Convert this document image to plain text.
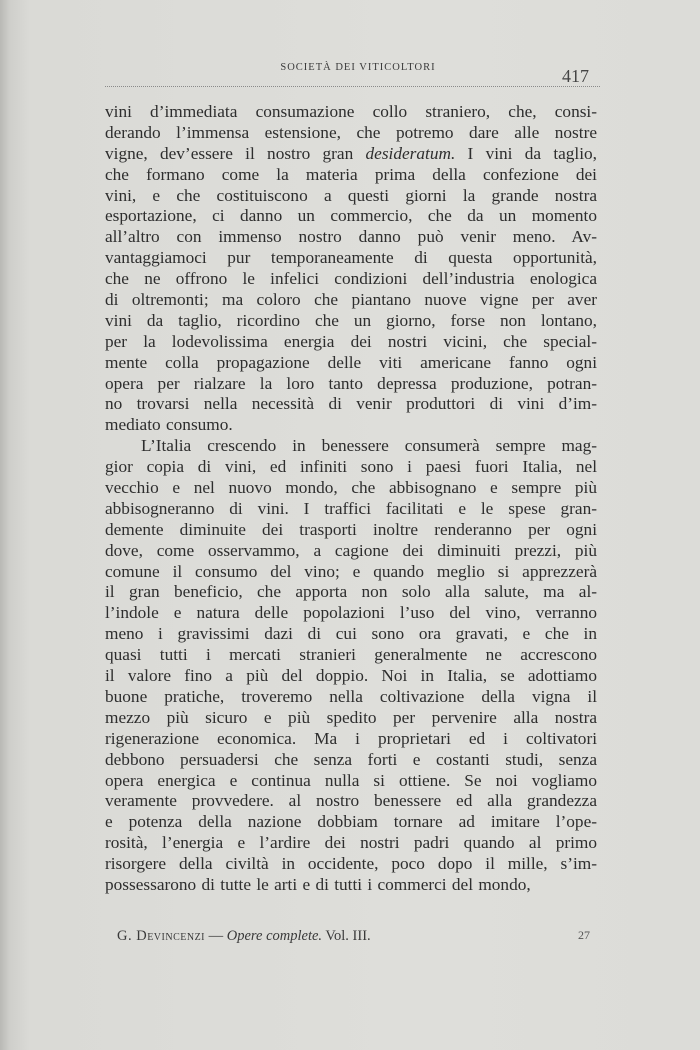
SOCIETÀ DEI VITICOLTORI	417
vini d’immediata consumazione collo straniero, che, consi-
derando l’immensa estensione, che potremo dare alle nostre
vigne, dev’essere il nostro gran desideratum. I vini da taglio,
che formano come la materia prima della confezione dei
vini, e che costituiscono a questi giorni la grande nostra
esportazione, ci danno un commercio, che da un momento
all’altro con immenso nostro danno può venir meno. Av-
vantaggiamoci pur temporaneamente di questa opportunità,
che ne offrono le infelici condizioni dell’industria enologica
di oltremonti; ma coloro che piantano nuove vigne per aver
vini da taglio, ricordino che un giorno, forse non lontano,
per la lodevolissima energia dei nostri vicini, che special-
mente colla propagazione delle viti americane fanno ogni
opera per rialzare la loro tanto depressa produzione, potran-
no trovarsi nella necessità di venir produttori di vini d’im-
mediato consumo.
L’Italia crescendo in benessere consumerà sempre mag-
gior copia di vini, ed infiniti sono i paesi fuori Italia, nel
vecchio e nel nuovo mondo, che abbisognano e sempre più
abbisogneranno di vini. I traffici facilitati e le spese gran-
demente diminuite dei trasporti inoltre renderanno per ogni
dove, come osservammo, a cagione dei diminuiti prezzi, più
comune il consumo del vino; e quando meglio si apprezzerà
il gran beneficio, che apporta non solo alla salute, ma al-
l’indole e natura delle popolazioni l’uso del vino, verranno
meno i gravissimi dazi di cui sono ora gravati, e che in
quasi tutti i mercati stranieri generalmente ne accrescono
il valore fino a più del doppio. Noi in Italia, se adottiamo
buone pratiche, troveremo nella coltivazione della vigna il
mezzo più sicuro e più spedito per pervenire alla nostra
rigenerazione economica. Ma i proprietari ed i coltivatori
debbono persuadersi che senza forti e costanti studi, senza
opera energica e continua nulla si ottiene. Se noi vogliamo
veramente provvedere. al nostro benessere ed alla grandezza
e potenza della nazione dobbiam tornare ad imitare l’ope-
rosità, l’energia e l’ardire dei nostri padri quando al primo
risorgere della civiltà in occidente, poco dopo il mille, s’im-
possessarono di tutte le arti e di tutti i commerci del mondo,
G. Devincenzi — Opere complete. Vol. III.	27
